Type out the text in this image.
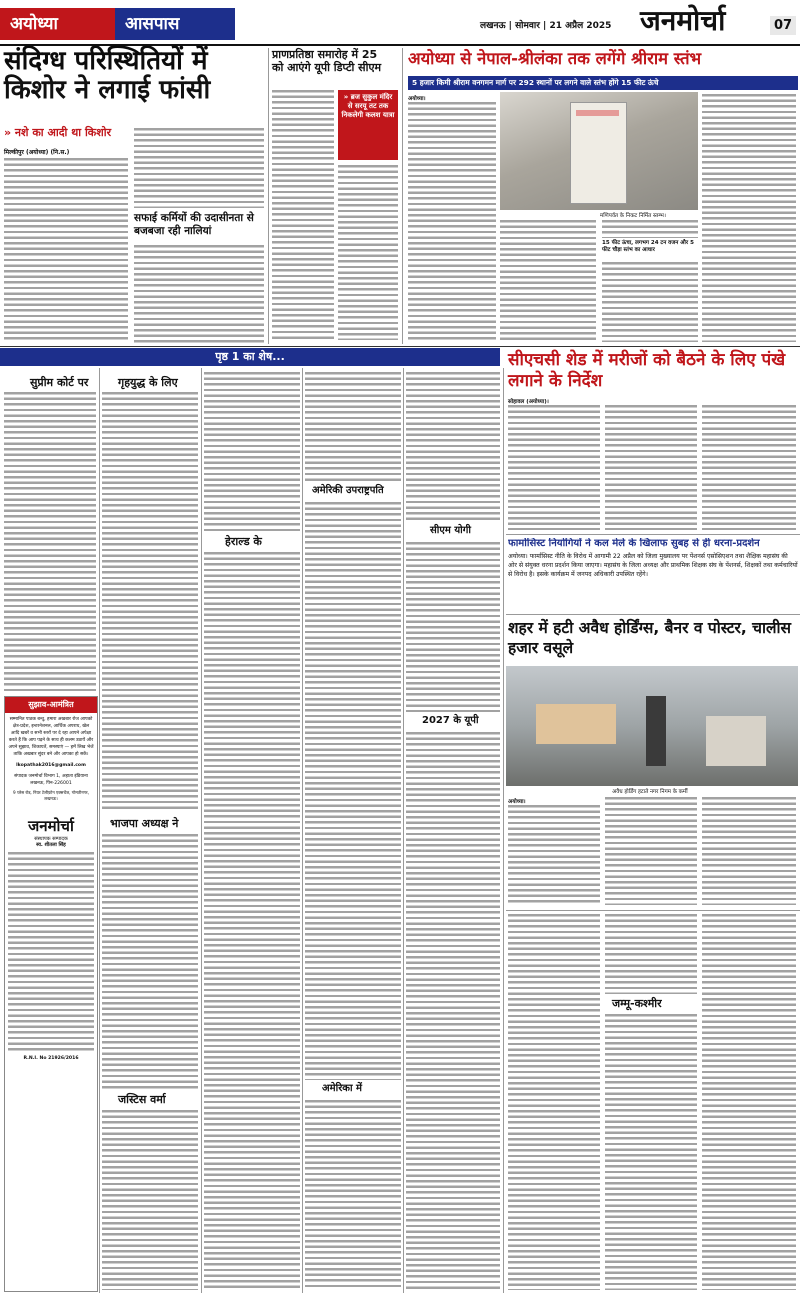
अयोध्या	आसपास	लखनऊ | सोमवार | 21 अप्रैल 2025 जनमोर्चा	07
संदिग्ध परिस्थितियों में
किशोर ने लगाई फांसी
» नशे का आदी था किशोर
मिल्कीपुर (अयोध्या) (नि.स.)
सफाई कर्मियों की उदासीनता से बजबजा रही नालियां
प्राणप्रतिष्ठा समारोह में 25 को आएंगे यूपी डिप्टी सीएम
» ब्रज सुकुल मंदिर से सरयू तट तक निकलेगी कलश यात्रा
अयोध्या से नेपाल-श्रीलंका तक लगेंगे श्रीराम स्तंभ
5 हजार किमी श्रीराम वनगमन मार्ग पर 292 स्थानों पर लगने वाले स्तंभ होंगे 15 फीट ऊंचे
मणिपर्वत के निकट निर्मित स्तम्भ।
अयोध्या।
15 फीट ऊंचा, लगभग 24 टन वजन और 5 फीट चौड़ा स्तंभ का आधार
पृष्ठ 1 का शेष...
सुप्रीम कोर्ट पर
सुझाव-आमंत्रित
सम्मानित पाठक बन्धु, हमारा अखबार रोज आपको क्षेत्र-प्रदेश, इन्टरनेशनल, आर्थिक अपराध, खेल आदि खबरें व सभी स्तरों पर दे रहा आपने अपेक्षा करते हैं कि आप पढ़ने के साथ ही कलम उठायें और अपने सुझाव, शिकायतें, समस्याएं — हमें लिख भेजें ताकि अखबार सुंदर बने और आपका हो सकें।
lkopathak2016@gmail.com
संपादक जनमोर्चा विभाग 1, अहाता इंडियाना लखनऊ, पिन-226001
9 प्लेस रोड, नियर टेलीफ़ोन एक्सचेंज, गोमतीनगर, लखनऊ।
जनमोर्चा
संस्थापक सम्पादक
स्व. शीतला सिंह
R.N.I. No 21926/2016
गृहयुद्ध के लिए
भाजपा अध्यक्ष ने
जस्टिस वर्मा
हेराल्ड के
अमेरिकी उपराष्ट्रपति
अमेरिका में
सीएम योगी
2027 के यूपी
सीएचसी शेड में मरीजों को बैठने के लिए पंखे लगाने के निर्देश
सोहावल (अयोध्या)।
फार्मोसिस्ट नियोगियों ने कल मेले के खिलाफ सुबह से ही धरना-प्रदर्शन
अयोध्या। फार्मासिस्ट नीति के विरोध में आगामी 22 अप्रैल को जिला मुख्यालय पर पेंशनर्स एसोसिएशन तथा शैक्षिक महासंघ की ओर से संयुक्त धरना प्रदर्शन किया जाएगा। महासंघ के जिला अध्यक्ष और प्राथमिक शिक्षक संघ के पेंशनर्स, शिक्षकों तथा कर्मचारियों से विरोध है। इसके कार्यक्रम में जनपद अधिकारी उपस्थित रहेंगे।
शहर में हटी अवैध होर्डिंग्स, बैनर व पोस्टर, चालीस हजार वसूले
अवैध होर्डिंग हटाते नगर निगम के कर्मी
अयोध्या।
जम्मू-कश्मीर
